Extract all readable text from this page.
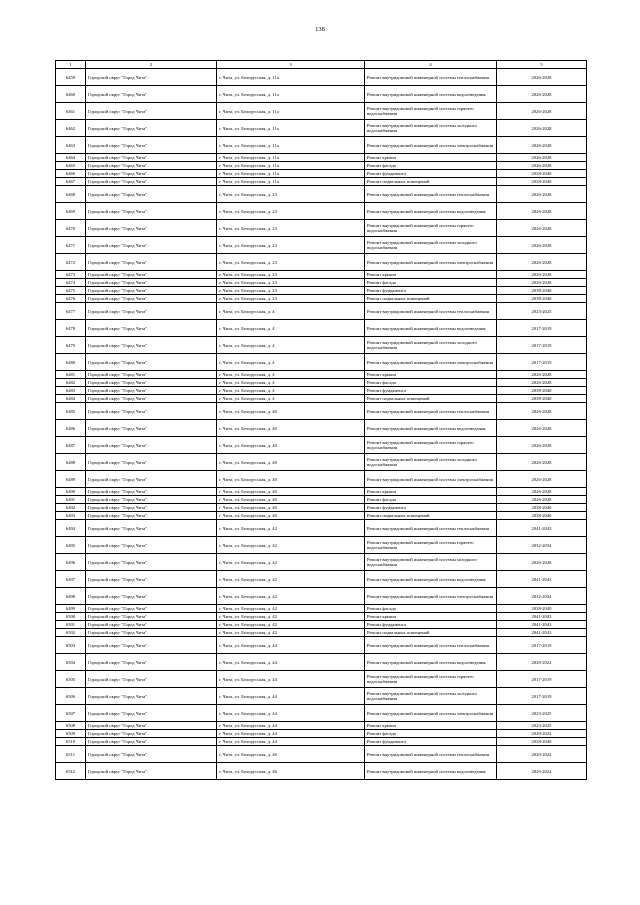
138
1	2	3	4	5
6459	Городской округ "Город Чита"	г. Чита, ул. Белорусская, д. 11а	Ремонт внутридомовой инженерной системы теплоснабжения	2026-2028
6460	Городской округ "Город Чита"	г. Чита, ул. Белорусская, д. 11а	Ремонт внутридомовой инженерной системы водоотведения	2026-2028
6461	Городской округ "Город Чита"	г. Чита, ул. Белорусская, д. 11а	Ремонт внутридомовой инженерной системы горячего водоснабжения	2026-2028
6462	Городской округ "Город Чита"	г. Чита, ул. Белорусская, д. 11а	Ремонт внутридомовой инженерной системы холодного водоснабжения	2026-2028
6463	Городской округ "Город Чита"	г. Чита, ул. Белорусская, д. 11а	Ремонт внутридомовой инженерной системы электроснабжения	2026-2028
6464	Городской округ "Город Чита"	г. Чита, ул. Белорусская, д. 11а	Ремонт крыши	2026-2028
6465	Городской округ "Город Чита"	г. Чита, ул. Белорусская, д. 11а	Ремонт фасада	2026-2028
6466	Городской округ "Город Чита"	г. Чита, ул. Белорусская, д. 11а	Ремонт фундамента	2038-2040
6467	Городской округ "Город Чита"	г. Чита, ул. Белорусская, д. 11а	Ремонт подвальных помещений	2038-2040
6468	Городской округ "Город Чита"	г. Чита, ул. Белорусская, д. 23	Ремонт внутридомовой инженерной системы теплоснабжения	2026-2028
6469	Городской округ "Город Чита"	г. Чита, ул. Белорусская, д. 23	Ремонт внутридомовой инженерной системы водоотведения	2026-2028
6470	Городской округ "Город Чита"	г. Чита, ул. Белорусская, д. 23	Ремонт внутридомовой инженерной системы горячего водоснабжения	2026-2028
6471	Городской округ "Город Чита"	г. Чита, ул. Белорусская, д. 23	Ремонт внутридомовой инженерной системы холодного водоснабжения	2026-2028
6472	Городской округ "Город Чита"	г. Чита, ул. Белорусская, д. 23	Ремонт внутридомовой инженерной системы электроснабжения	2026-2028
6473	Городской округ "Город Чита"	г. Чита, ул. Белорусская, д. 23	Ремонт крыши	2026-2028
6474	Городской округ "Город Чита"	г. Чита, ул. Белорусская, д. 23	Ремонт фасада	2026-2028
6475	Городской округ "Город Чита"	г. Чита, ул. Белорусская, д. 23	Ремонт фундамента	2038-2040
6476	Городской округ "Город Чита"	г. Чита, ул. Белорусская, д. 23	Ремонт подвальных помещений	2038-2040
6477	Городской округ "Город Чита"	г. Чита, ул. Белорусская, д. 4	Ремонт внутридомовой инженерной системы теплоснабжения	2023-2025
6478	Городской округ "Город Чита"	г. Чита, ул. Белорусская, д. 4	Ремонт внутридомовой инженерной системы водоотведения	2017-2019
6479	Городской округ "Город Чита"	г. Чита, ул. Белорусская, д. 4	Ремонт внутридомовой инженерной системы холодного водоснабжения	2017-2019
6480	Городской округ "Город Чита"	г. Чита, ул. Белорусская, д. 4	Ремонт внутридомовой инженерной системы электроснабжения	2017-2019
6481	Городской округ "Город Чита"	г. Чита, ул. Белорусская, д. 4	Ремонт крыши	2026-2028
6482	Городской округ "Город Чита"	г. Чита, ул. Белорусская, д. 4	Ремонт фасада	2026-2028
6483	Городской округ "Город Чита"	г. Чита, ул. Белорусская, д. 4	Ремонт фундамента	2038-2040
6484	Городской округ "Город Чита"	г. Чита, ул. Белорусская, д. 4	Ремонт подвальных помещений	2038-2040
6485	Городской округ "Город Чита"	г. Чита, ул. Белорусская, д. 40	Ремонт внутридомовой инженерной системы теплоснабжения	2026-2028
6486	Городской округ "Город Чита"	г. Чита, ул. Белорусская, д. 40	Ремонт внутридомовой инженерной системы водоотведения	2026-2028
6487	Городской округ "Город Чита"	г. Чита, ул. Белорусская, д. 40	Ремонт внутридомовой инженерной системы горячего водоснабжения	2026-2028
6488	Городской округ "Город Чита"	г. Чита, ул. Белорусская, д. 40	Ремонт внутридомовой инженерной системы холодного водоснабжения	2026-2028
6489	Городской округ "Город Чита"	г. Чита, ул. Белорусская, д. 40	Ремонт внутридомовой инженерной системы электроснабжения	2026-2028
6490	Городской округ "Город Чита"	г. Чита, ул. Белорусская, д. 40	Ремонт крыши	2026-2028
6491	Городской округ "Город Чита"	г. Чита, ул. Белорусская, д. 40	Ремонт фасада	2026-2028
6492	Городской округ "Город Чита"	г. Чита, ул. Белорусская, д. 40	Ремонт фундамента	2038-2040
6493	Городской округ "Город Чита"	г. Чита, ул. Белорусская, д. 40	Ремонт подвальных помещений	2038-2040
6494	Городской округ "Город Чита"	г. Чита, ул. Белорусская, д. 42	Ремонт внутридомовой инженерной системы теплоснабжения	2041-2043
6495	Городской округ "Город Чита"	г. Чита, ул. Белорусская, д. 42	Ремонт внутридомовой инженерной системы горячего водоснабжения	2032-2034
6496	Городской округ "Город Чита"	г. Чита, ул. Белорусская, д. 42	Ремонт внутридомовой инженерной системы холодного водоснабжения	2026-2028
6497	Городской округ "Город Чита"	г. Чита, ул. Белорусская, д. 42	Ремонт внутридомовой инженерной системы водоотведения	2041-2043
6498	Городской округ "Город Чита"	г. Чита, ул. Белорусская, д. 42	Ремонт внутридомовой инженерной системы электроснабжения	2032-2034
6499	Городской округ "Город Чита"	г. Чита, ул. Белорусская, д. 42	Ремонт фасада	2038-2040
6500	Городской округ "Город Чита"	г. Чита, ул. Белорусская, д. 42	Ремонт крыши	2041-2043
6501	Городской округ "Город Чита"	г. Чита, ул. Белорусская, д. 42	Ремонт фундамента	2041-2043
6502	Городской округ "Город Чита"	г. Чита, ул. Белорусская, д. 42	Ремонт подвальных помещений	2041-2043
6503	Городской округ "Город Чита"	г. Чита, ул. Белорусская, д. 44	Ремонт внутридомовой инженерной системы теплоснабжения	2017-2019
6504	Городской округ "Город Чита"	г. Чита, ул. Белорусская, д. 44	Ремонт внутридомовой инженерной системы водоотведения	2020-2022
6505	Городской округ "Город Чита"	г. Чита, ул. Белорусская, д. 44	Ремонт внутридомовой инженерной системы горячего водоснабжения	2017-2019
6506	Городской округ "Город Чита"	г. Чита, ул. Белорусская, д. 44	Ремонт внутридомовой инженерной системы холодного водоснабжения	2017-2019
6507	Городской округ "Город Чита"	г. Чита, ул. Белорусская, д. 44	Ремонт внутридомовой инженерной системы электроснабжения	2023-2025
6508	Городской округ "Город Чита"	г. Чита, ул. Белорусская, д. 44	Ремонт крыши	2023-2025
6509	Городской округ "Город Чита"	г. Чита, ул. Белорусская, д. 44	Ремонт фасада	2020-2022
6510	Городской округ "Город Чита"	г. Чита, ул. Белорусская, д. 44	Ремонт фундамента	2038-2040
6511	Городской округ "Город Чита"	г. Чита, ул. Белорусская, д. 46	Ремонт внутридомовой инженерной системы теплоснабжения	2020-2022
6512	Городской округ "Город Чита"	г. Чита, ул. Белорусская, д. 46	Ремонт внутридомовой инженерной системы водоотведения	2020-2022
